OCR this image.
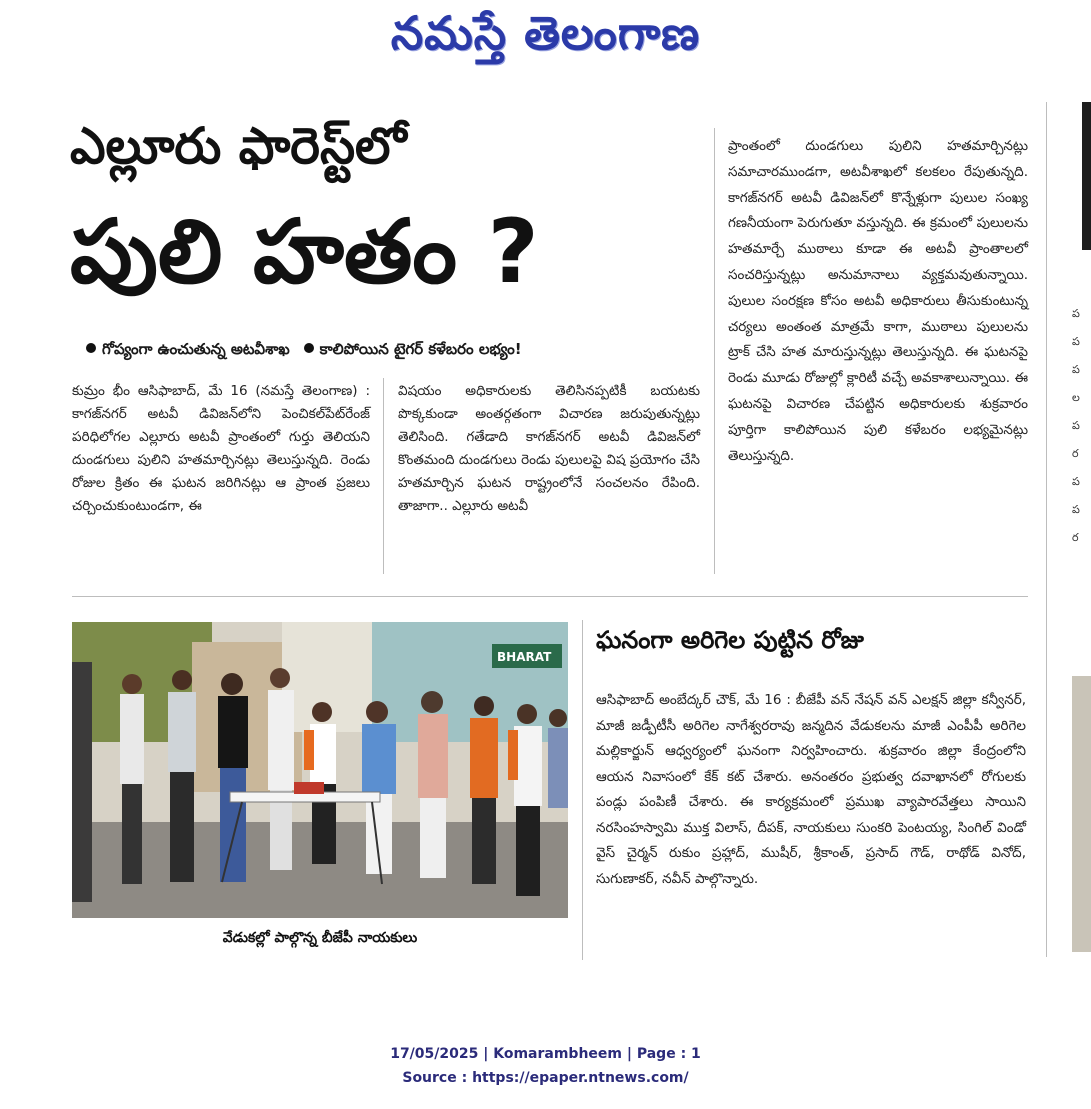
నమస్తే తెలంగాణ
ఎల్లూరు ఫారెస్ట్‌లో
పులి హతం ?
గోప్యంగా ఉంచుతున్న అటవీశాఖ కాలిపోయిన టైగర్ కళేబరం లభ్యం!

కుమ్రం భీం ఆసిఫాబాద్, మే 16 (నమస్తే తెలంగాణ) : కాగజ్‌నగర్ అటవీ డివిజన్‌లోని పెంచికల్‌పేట్‌రేంజ్ పరిధిలోగల ఎల్లూరు అటవీ ప్రాంతంలో గుర్తు తెలియని దుండగులు పులిని హతమార్చినట్లు తెలుస్తున్నది. రెండు రోజుల క్రితం ఈ ఘటన జరిగినట్లు ఆ ప్రాంత ప్రజలు చర్చించుకుంటుండగా, ఈ

విషయం అధికారులకు తెలిసినప్పటికీ బయటకు పొక్కకుండా అంతర్గతంగా విచారణ జరుపుతున్నట్లు తెలిసింది. గతేడాది కాగజ్‌నగర్ అటవీ డివిజన్‌లో కొంతమంది దుండగులు రెండు పులులపై విష ప్రయోగం చేసి హతమార్చిన ఘటన రాష్ట్రంలోనే సంచలనం రేపింది. తాజాగా.. ఎల్లూరు అటవీ

ప్రాంతంలో దుండగులు పులిని హతమార్చినట్లు సమాచారముండగా, అటవీశాఖలో కలకలం రేపుతున్నది. కాగజ్‌నగర్ అటవీ డివిజన్‌లో కొన్నేళ్లుగా పులుల సంఖ్య గణనీయంగా పెరుగుతూ వస్తున్నది. ఈ క్రమంలో పులులను హతమార్చే ముఠాలు కూడా ఈ అటవీ ప్రాంతాలలో సంచరిస్తున్నట్లు అనుమానాలు వ్యక్తమవుతున్నాయి. పులుల సంరక్షణ కోసం అటవీ అధికారులు తీసుకుంటున్న చర్యలు అంతంత మాత్రమే కాగా, ముఠాలు పులులను ట్రాక్ చేసి హత మారుస్తున్నట్లు తెలుస్తున్నది. ఈ ఘటనపై రెండు మూడు రోజుల్లో క్లారిటీ వచ్చే అవకాశాలున్నాయి. ఈ ఘటనపై విచారణ చేపట్టిన అధికారులకు శుక్రవారం పూర్తిగా కాలిపోయిన పులి కళేబరం లభ్యమైనట్లు తెలుస్తున్నది.

BHARAT
వేడుకల్లో పాల్గొన్న బీజేపీ నాయకులు
ఘనంగా అరిగెల పుట్టిన రోజు

ఆసిఫాబాద్ అంబేద్కర్ చౌక్, మే 16 : బీజేపీ వన్ నేషన్ వన్ ఎలక్షన్ జిల్లా కన్వీనర్, మాజీ జడ్పీటీసీ అరిగెల నాగేశ్వరరావు జన్మదిన వేడుకలను మాజీ ఎంపీపీ అరిగెల మల్లికార్జున్ ఆధ్వర్యంలో ఘనంగా నిర్వహించారు. శుక్రవారం జిల్లా కేంద్రంలోని ఆయన నివాసంలో కేక్ కట్ చేశారు. అనంతరం ప్రభుత్వ దవాఖానలో రోగులకు పండ్లు పంపిణీ చేశారు. ఈ కార్యక్రమంలో ప్రముఖ వ్యాపారవేత్తలు సాయిని నరసింహస్వామి ముక్త విలాస్, దీపక్, నాయకులు సుంకరి పెంటయ్య, సింగిల్ విండో వైస్ చైర్మన్ రుకుం ప్రహ్లాద్, ముషీర్, శ్రీకాంత్, ప్రసాద్ గౌడ్, రాథోడ్ వినోద్, సుగుణాకర్, నవీన్ పాల్గొన్నారు.

ప
ప
ప
ల
ప
ర
ప
ప
ర
17/05/2025 | Komarambheem | Page : 1
Source : https://epaper.ntnews.com/
